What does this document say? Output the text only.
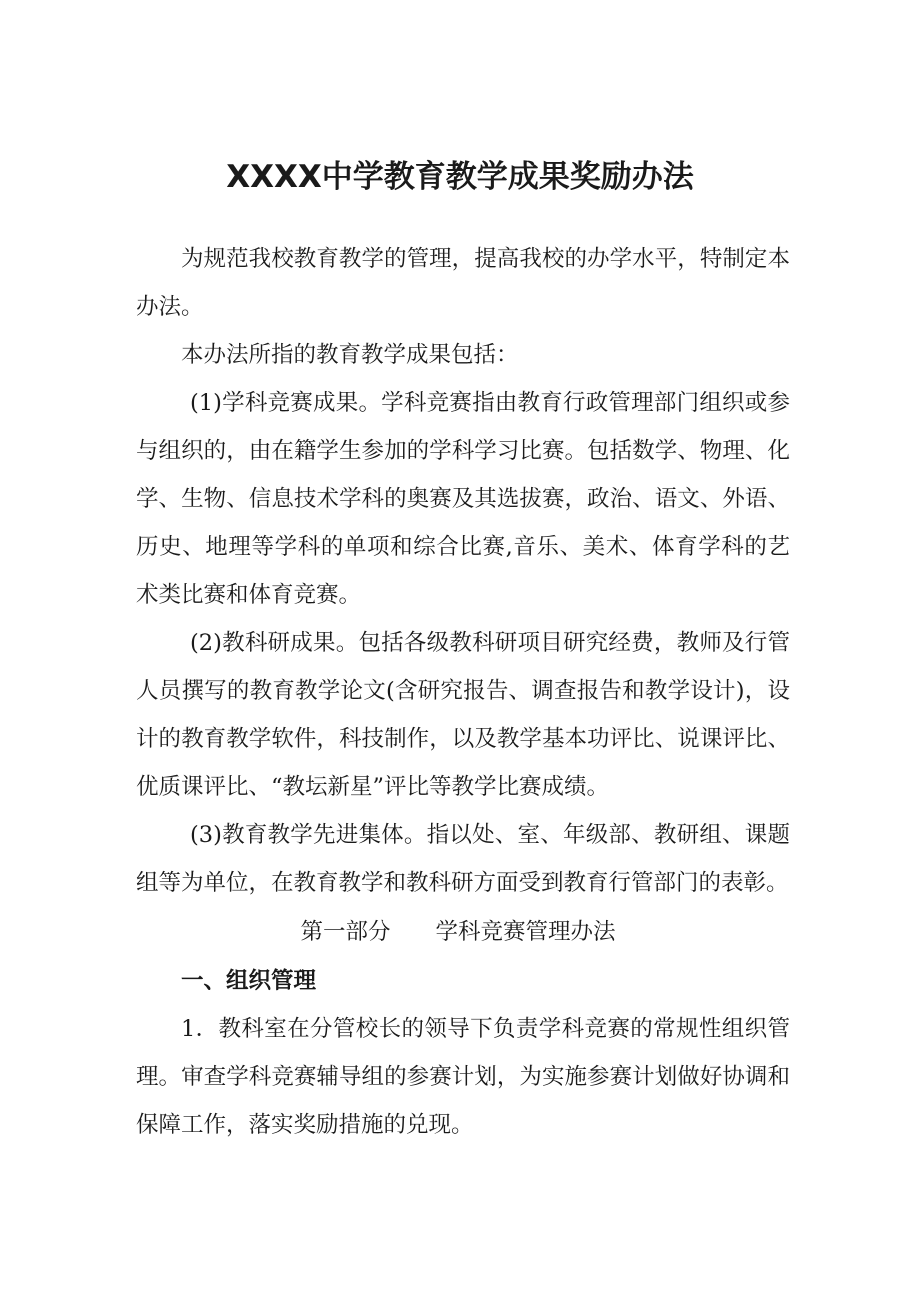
XXXX中学教育教学成果奖励办法

为规范我校教育教学的管理，提高我校的办学水平，特制定本办法。

本办法所指的教育教学成果包括：

(1)学科竞赛成果。学科竞赛指由教育行政管理部门组织或参与组织的，由在籍学生参加的学科学习比赛。包括数学、物理、化学、生物、信息技术学科的奥赛及其选拔赛，政治、语文、外语、历史、地理等学科的单项和综合比赛,音乐、美术、体育学科的艺术类比赛和体育竞赛。

(2)教科研成果。包括各级教科研项目研究经费，教师及行管人员撰写的教育教学论文(含研究报告、调查报告和教学设计)，设计的教育教学软件，科技制作，以及教学基本功评比、说课评比、优质课评比、“教坛新星”评比等教学比赛成绩。

(3)教育教学先进集体。指以处、室、年级部、教研组、课题组等为单位，在教育教学和教科研方面受到教育行管部门的表彰。

第一部分　　学科竞赛管理办法

一、组织管理

1．教科室在分管校长的领导下负责学科竞赛的常规性组织管理。审查学科竞赛辅导组的参赛计划，为实施参赛计划做好协调和保障工作，落实奖励措施的兑现。
